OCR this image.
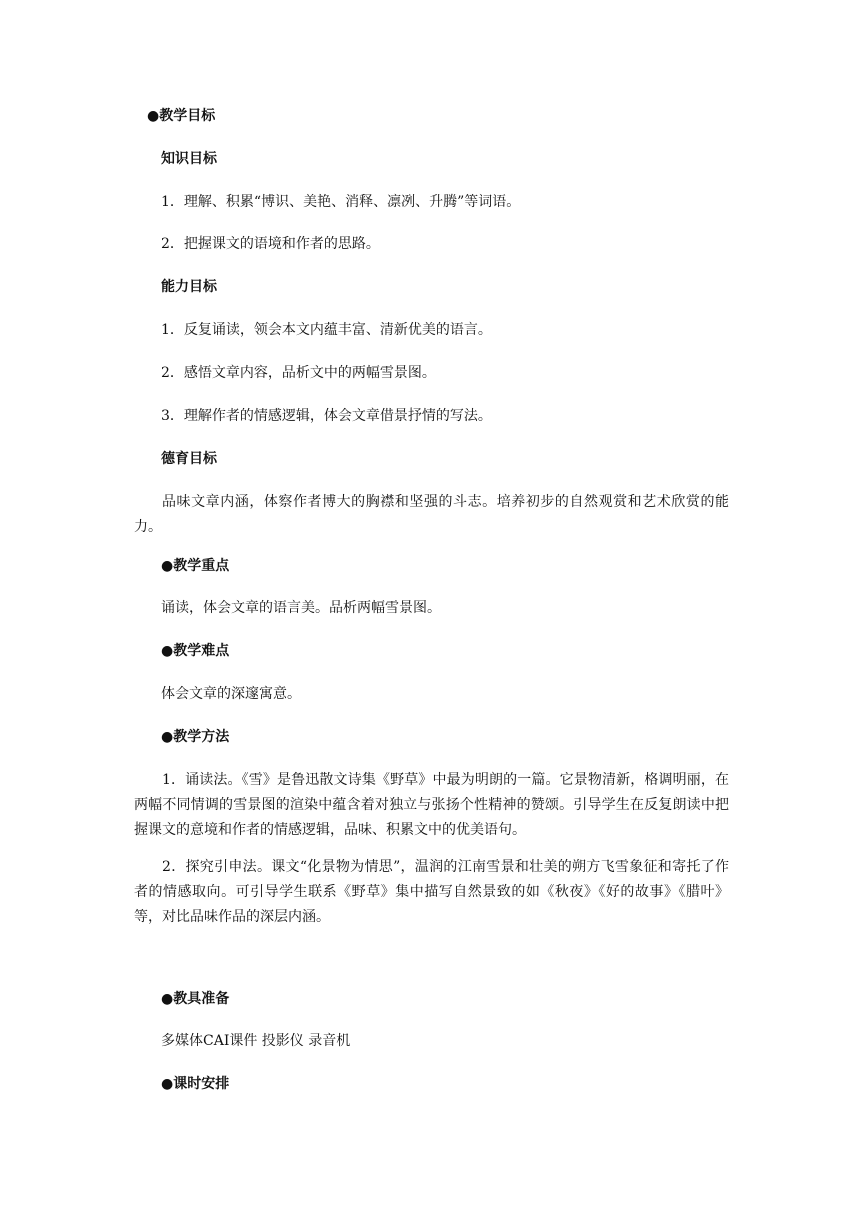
●教学目标
知识目标
1．理解、积累“博识、美艳、消释、凛冽、升腾”等词语。
2．把握课文的语境和作者的思路。
能力目标
1．反复诵读，领会本文内蕴丰富、清新优美的语言。
2．感悟文章内容，品析文中的两幅雪景图。
3．理解作者的情感逻辑，体会文章借景抒情的写法。
德育目标
品味文章内涵，体察作者博大的胸襟和坚强的斗志。培养初步的自然观赏和艺术欣赏的能力。
●教学重点
诵读，体会文章的语言美。品析两幅雪景图。
●教学难点
体会文章的深邃寓意。
●教学方法
1．诵读法。《雪》是鲁迅散文诗集《野草》中最为明朗的一篇。它景物清新，格调明丽，在两幅不同情调的雪景图的渲染中蕴含着对独立与张扬个性精神的赞颂。引导学生在反复朗读中把握课文的意境和作者的情感逻辑，品味、积累文中的优美语句。
2．探究引申法。课文“化景物为情思”，温润的江南雪景和壮美的朔方飞雪象征和寄托了作者的情感取向。可引导学生联系《野草》集中描写自然景致的如《秋夜》《好的故事》《腊叶》等，对比品味作品的深层内涵。
●教具准备
多媒体CAI课件 投影仪 录音机
●课时安排
